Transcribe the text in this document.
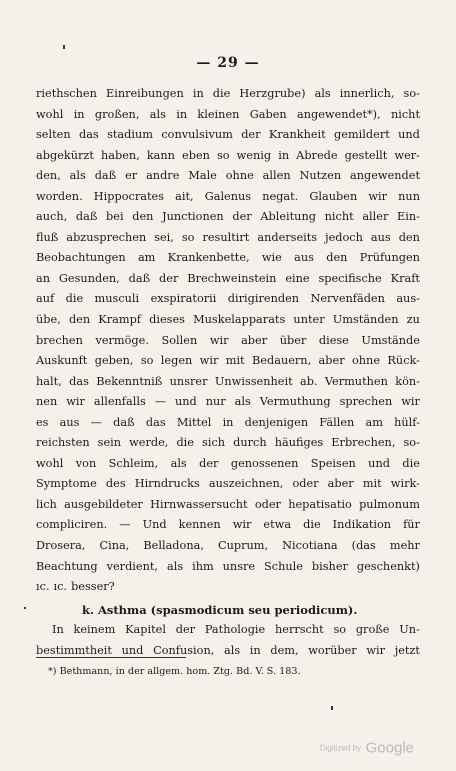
— 29 —
riethschen Einreibungen in die Herzgrube) als innerlich, so-
wohl in großen, als in kleinen Gaben angewendet*), nicht
selten das stadium convulsivum der Krankheit gemildert und
abgekürzt haben, kann eben so wenig in Abrede gestellt wer-
den, als daß er andre Male ohne allen Nutzen angewendet
worden. Hippocrates ait, Galenus negat. Glauben wir nun
auch, daß bei den Junctionen der Ableitung nicht aller Ein-
fluß abzusprechen sei, so resultirt anderseits jedoch aus den
Beobachtungen am Krankenbette, wie aus den Prüfungen
an Gesunden, daß der Brechweinstein eine specifische Kraft
auf die musculi exspiratorii dirigirenden Nervenfäden aus-
übe, den Krampf dieses Muskelapparats unter Umständen zu
brechen vermöge. Sollen wir aber über diese Umstände
Auskunft geben, so legen wir mit Bedauern, aber ohne Rück-
halt, das Bekenntniß unsrer Unwissenheit ab. Vermuthen kön-
nen wir allenfalls — und nur als Vermuthung sprechen wir
es aus — daß das Mittel in denjenigen Fällen am hülf-
reichsten sein werde, die sich durch häufiges Erbrechen, so-
wohl von Schleim, als der genossenen Speisen und die
Symptome des Hirndrucks auszeichnen, oder aber mit wirk-
lich ausgebildeter Hirnwassersucht oder hepatisatio pulmonum
compliciren. — Und kennen wir etwa die Indikation für
Drosera, Cina, Belladona, Cuprum, Nicotiana (das mehr
Beachtung verdient, als ihm unsre Schule bisher geschenkt)
ıc. ıc. besser?
k. Asthma (spasmodicum seu periodicum).
In keinem Kapitel der Pathologie herrscht so große Un-
bestimmtheit und Confusion, als in dem, worüber wir jetzt
*) Bethmann, in der allgem. hom. Ztg. Bd. V. S. 183.
Digitized by Google
